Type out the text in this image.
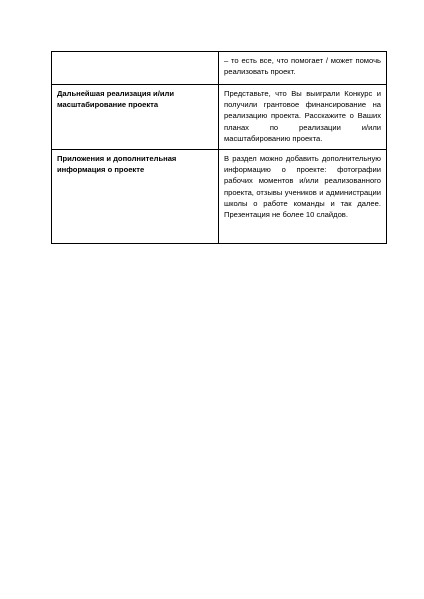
	– то есть все, что помогает / может помочь реализовать проект.
Дальнейшая реализация и/или масштабирование проекта	Представьте, что Вы выиграли Конкурс и получили грантовое финансирование на реализацию проекта. Расскажите о Ваших планах по реализации и/или масштабированию проекта.
Приложения и дополнительная информация о проекте	В раздел можно добавить дополнительную информацию о проекте: фотографии рабочих моментов и/или реализованного проекта, отзывы учеников и администрации школы о работе команды и так далее. Презентация не более 10 слайдов.
